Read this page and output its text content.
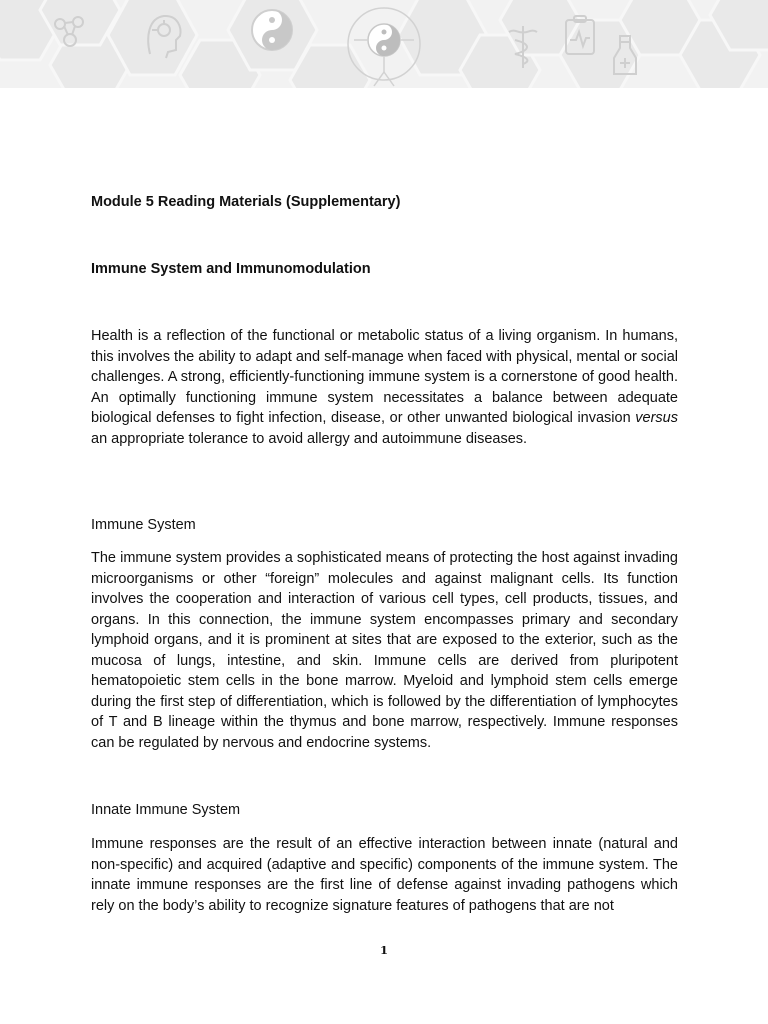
Module 5 Reading Materials (Supplementary)
Immune System and Immunomodulation

Health is a reflection of the functional or metabolic status of a living organism. In humans, this involves the ability to adapt and self-manage when faced with physical, mental or social challenges. A strong, efficiently-functioning immune system is a cornerstone of good health. An optimally functioning immune system necessitates a balance between adequate biological defenses to fight infection, disease, or other unwanted biological invasion versus an appropriate tolerance to avoid allergy and autoimmune diseases.

Immune System

The immune system provides a sophisticated means of protecting the host against invading microorganisms or other “foreign” molecules and against malignant cells. Its function involves the cooperation and interaction of various cell types, cell products, tissues, and organs. In this connection, the immune system encompasses primary and secondary lymphoid organs, and it is prominent at sites that are exposed to the exterior, such as the mucosa of lungs, intestine, and skin. Immune cells are derived from pluripotent hematopoietic stem cells in the bone marrow. Myeloid and lymphoid stem cells emerge during the first step of differentiation, which is followed by the differentiation of lymphocytes of T and B lineage within the thymus and bone marrow, respectively. Immune responses can be regulated by nervous and endocrine systems.

Innate Immune System

Immune responses are the result of an effective interaction between innate (natural and non-specific) and acquired (adaptive and specific) components of the immune system. The innate immune responses are the first line of defense against invading pathogens which rely on the body’s ability to recognize signature features of pathogens that are not

1
